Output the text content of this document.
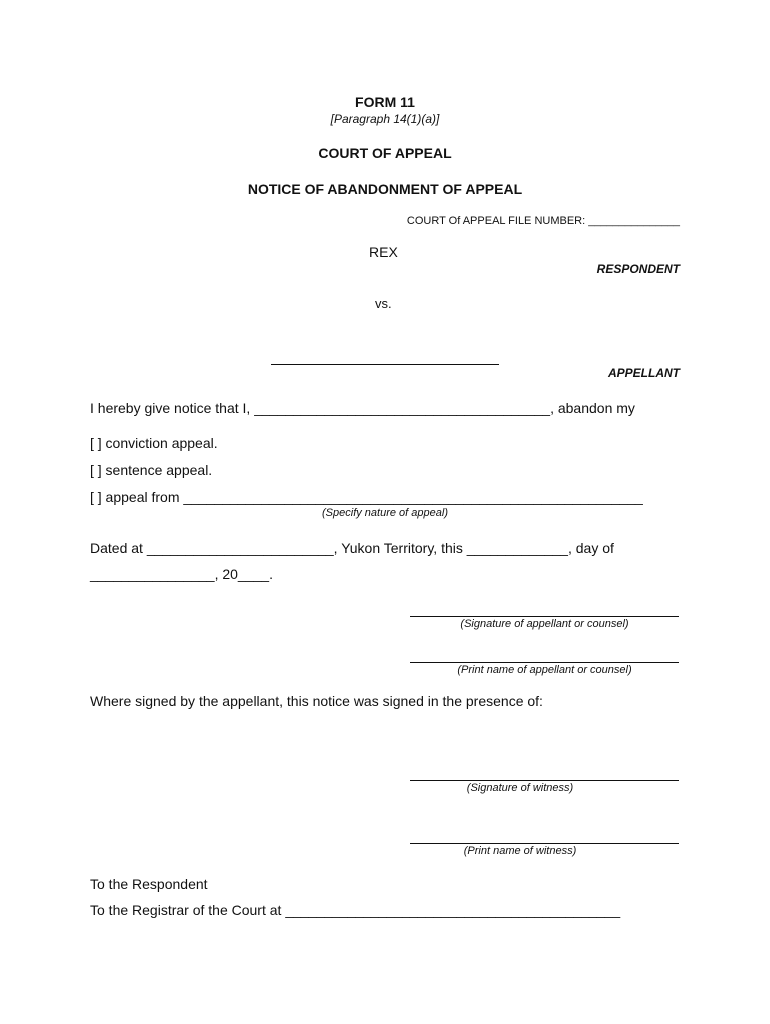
FORM 11
[Paragraph 14(1)(a)]
COURT OF APPEAL
NOTICE OF ABANDONMENT OF APPEAL
COURT Of APPEAL FILE NUMBER: _______________
REX
RESPONDENT
vs.
APPELLANT
I hereby give notice that I, ______________________________________, abandon my
[ ] conviction appeal.
[ ] sentence appeal.
[ ] appeal from ___________________________________________________________
(Specify nature of appeal)
Dated at ________________________, Yukon Territory, this _____________, day of
________________, 20____.
(Signature of appellant or counsel)
(Print name of appellant or counsel)
Where signed by the appellant, this notice was signed in the presence of:
(Signature of witness)
(Print name of witness)
To the Respondent
To the Registrar of the Court at ___________________________________________
